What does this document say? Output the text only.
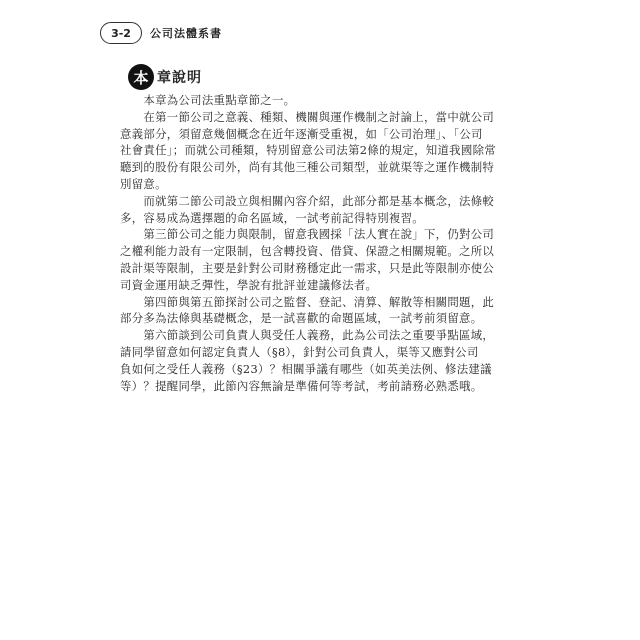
3-2	公司法體系書
本 章說明
　　本章為公司法重點章節之一。
　　在第一節公司之意義、種類、機關與運作機制之討論上，當中就公司
意義部分，須留意幾個概念在近年逐漸受重視，如「公司治理」、「公司
社會責任」；而就公司種類，特別留意公司法第2條的規定，知道我國除常
聽到的股份有限公司外，尚有其他三種公司類型，並就渠等之運作機制特
別留意。
　　而就第二節公司設立與相關內容介紹，此部分都是基本概念，法條較
多，容易成為選擇題的命名區域，一試考前記得特別複習。
　　第三節公司之能力與限制，留意我國採「法人實在說」下，仍對公司
之權利能力設有一定限制，包含轉投資、借貸、保證之相關規範。之所以
設計渠等限制，主要是針對公司財務穩定此一需求，只是此等限制亦使公
司資金運用缺乏彈性，學說有批評並建議修法者。
　　第四節與第五節探討公司之監督、登記、清算、解散等相關問題，此
部分多為法條與基礎概念，是一試喜歡的命題區域，一試考前須留意。
　　第六節談到公司負責人與受任人義務，此為公司法之重要爭點區域，
請同學留意如何認定負責人（§8），針對公司負責人，渠等又應對公司
負如何之受任人義務（§23）？相關爭議有哪些（如英美法例、修法建議
等）？提醒同學，此節內容無論是準備何等考試，考前請務必熟悉哦。
